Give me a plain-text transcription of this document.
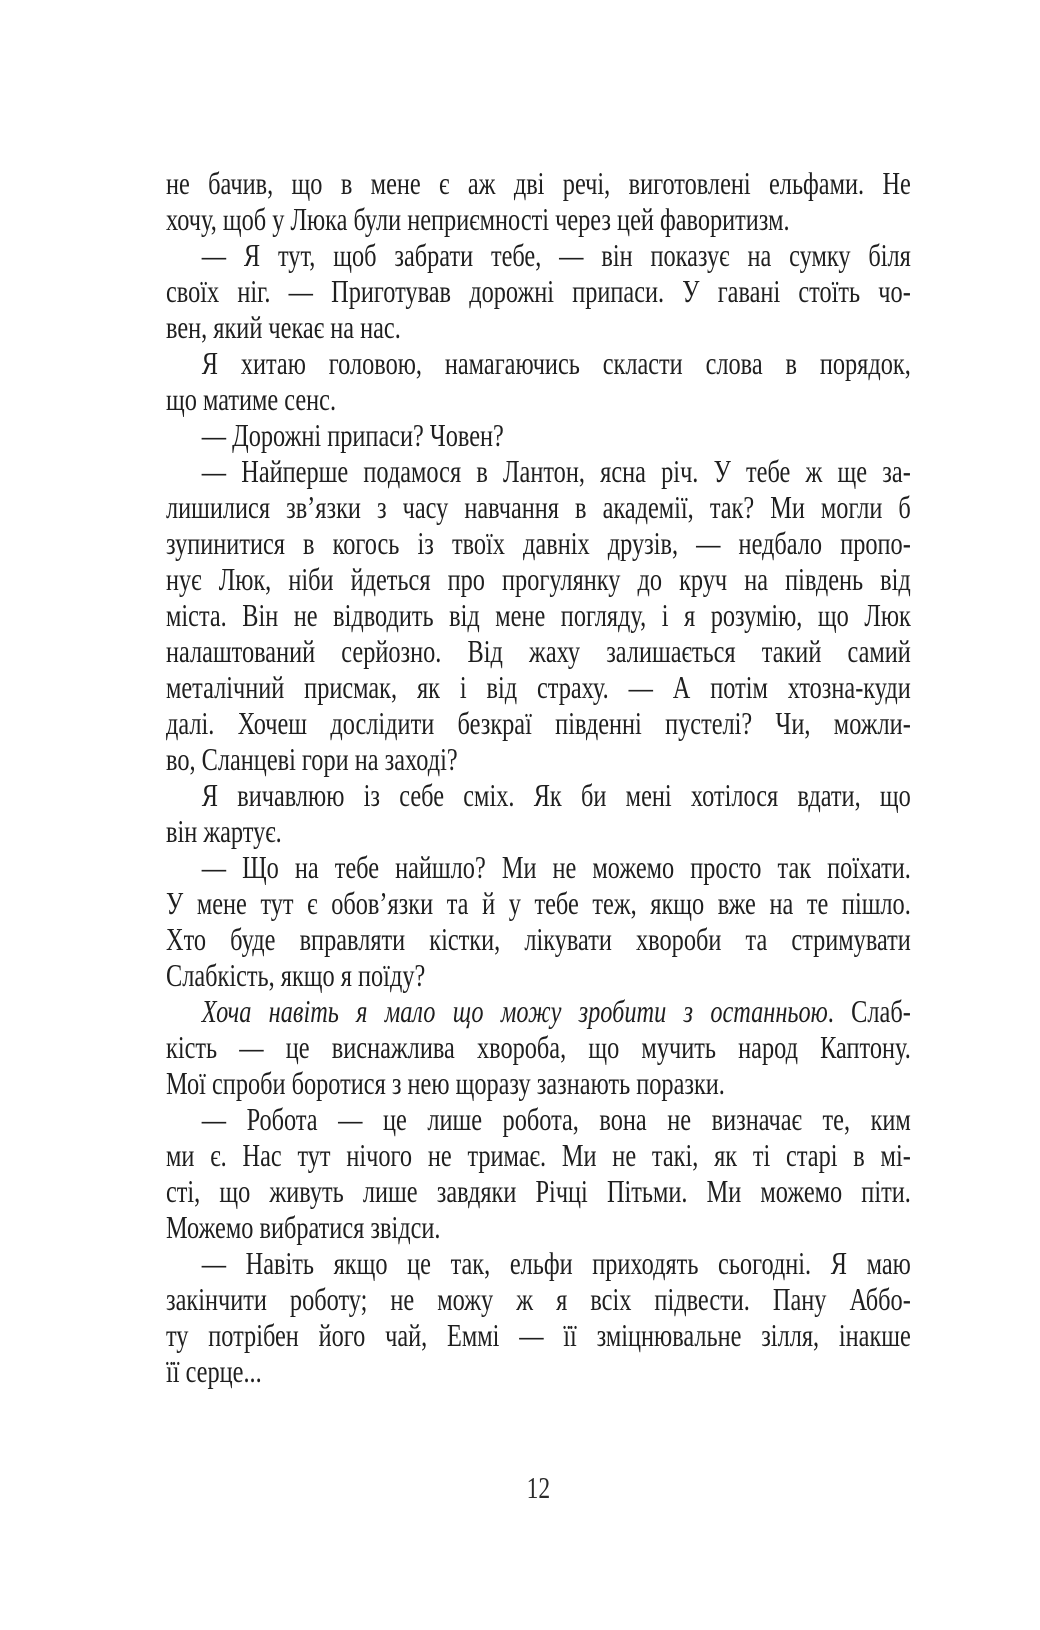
не бачив, що в мене є аж дві речі, виготовлені ельфами. Не
хочу, щоб у Люка були неприємності через цей фаворитизм.
— Я тут, щоб забрати тебе, — він показує на сумку біля
своїх ніг. — Приготував дорожні припаси. У гавані стоїть чо-
вен, який чекає на нас.
Я хитаю головою, намагаючись скласти слова в порядок,
що матиме сенс.
— Дорожні припаси? Човен?
— Найперше подамося в Лантон, ясна річ. У тебе ж ще за-
лишилися зв’язки з часу навчання в академії, так? Ми могли б
зупинитися в когось із твоїх давніх друзів, — недбало пропо-
нує Люк, ніби йдеться про прогулянку до круч на південь від
міста. Він не відводить від мене погляду, і я розумію, що Люк
налаштований серйозно. Від жаху залишається такий самий
металічний присмак, як і від страху. — А потім хтозна-куди
далі. Хочеш дослідити безкраї південні пустелі? Чи, можли-
во, Сланцеві гори на заході?
Я вичавлюю із себе сміх. Як би мені хотілося вдати, що
він жартує.
— Що на тебе найшло? Ми не можемо просто так поїхати.
У мене тут є обов’язки та й у тебе теж, якщо вже на те пішло.
Хто буде вправляти кістки, лікувати хвороби та стримувати
Слабкість, якщо я поїду?
Хоча навіть я мало що можу зробити з останньою. Слаб-
кість — це виснажлива хвороба, що мучить народ Каптону.
Мої спроби боротися з нею щоразу зазнають поразки.
— Робота — це лише робота, вона не визначає те, ким
ми є. Нас тут нічого не тримає. Ми не такі, як ті старі в мі-
сті, що живуть лише завдяки Річці Пітьми. Ми можемо піти.
Можемо вибратися звідси.
— Навіть якщо це так, ельфи приходять сьогодні. Я маю
закінчити роботу; не можу ж я всіх підвести. Пану Аббо-
ту потрібен його чай, Еммі — її зміцнювальне зілля, інакше
її серце...
12
